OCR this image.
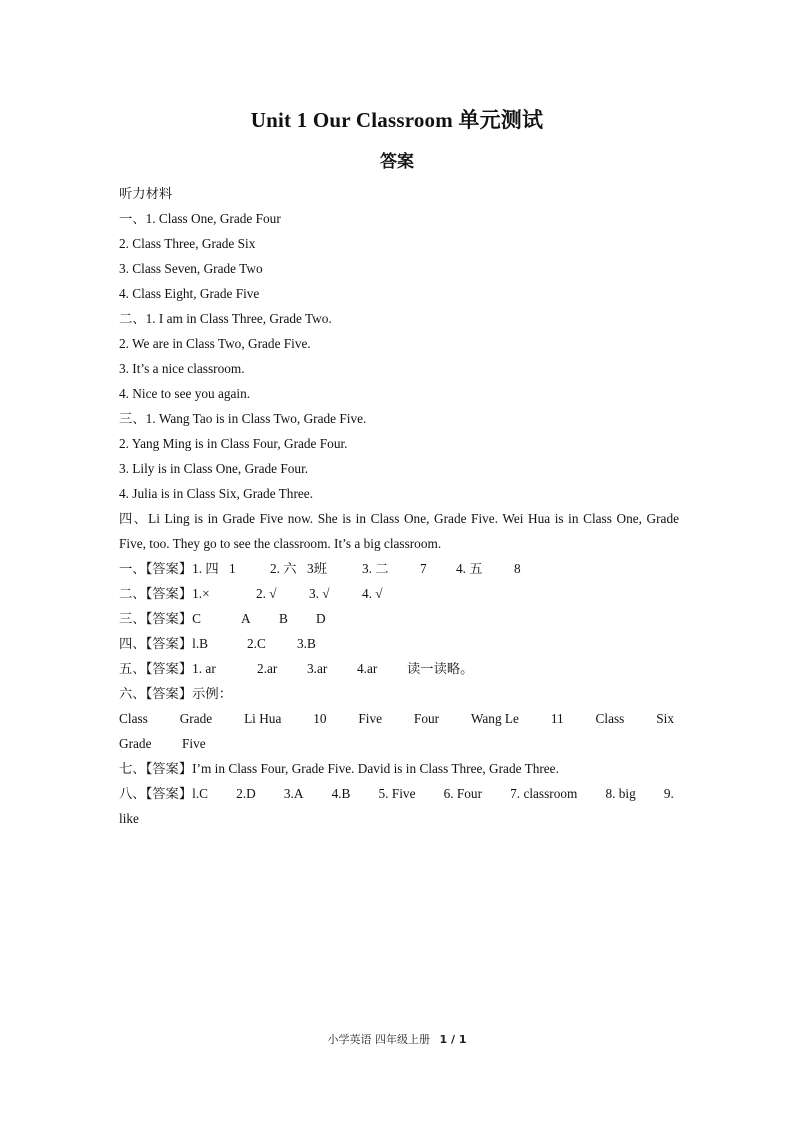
Unit 1 Our Classroom 单元测试
答案
听力材料
一、1. Class One, Grade Four
2. Class Three, Grade Six
3. Class Seven, Grade Two
4. Class Eight, Grade Five
二、1. I am in Class Three, Grade Two.
2. We are in Class Two, Grade Five.
3. It’s a nice classroom.
4. Nice to see you again.
三、1. Wang Tao is in Class Two, Grade Five.
2. Yang Ming is in Class Four, Grade Four.
3. Lily is in Class One, Grade Four.
4. Julia is in Class Six, Grade Three.
四、Li Ling is in Grade Five now. She is in Class One, Grade Five. Wei Hua is in Class One, Grade Five, too. They go to see the classroom. It’s a big classroom.
一、【答案】1. 四 1	2. 六 3班	3. 二	7	4. 五	8
二、【答案】1.×	2. √	3. √	4. √
三、【答案】C	A	B	D
四、【答案】l.B	2.C	3.B
五、【答案】1. ar	2.ar	3.ar	4.ar	读一读略。
六、【答案】示例：
Class Grade Li Hua 10 Five Four Wang Le 11 Class Six
Grade	Five
七、【答案】I’m in Class Four, Grade Five. David is in Class Three, Grade Three.
八、【答案】l.C 2.D 3.A 4.B 5. Five 6. Four 7. classroom 8. big 9.
like
小学英语 四年级上册 1 / 1
